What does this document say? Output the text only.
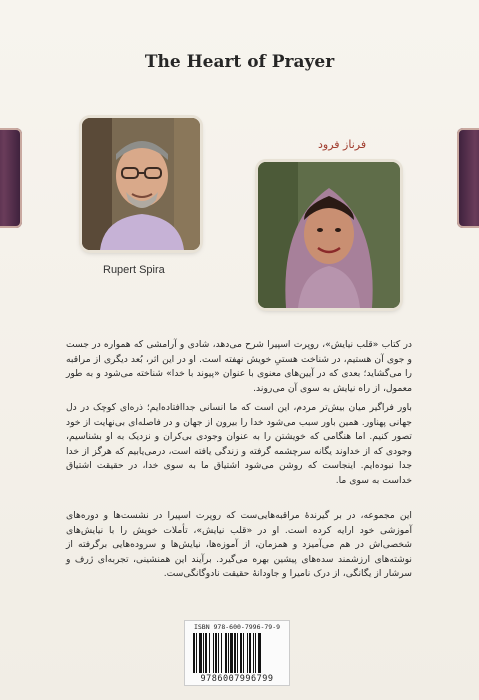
The Heart of Prayer
Rupert Spira
فرناز فرود
در کتاب «قلب نیایش»، روپرت اسپیرا شرح می‌دهد، شادی و آرامشی که همواره در جست و جوی آن هستیم، در شناخت هستیِ خویش نهفته است. او در این اثر، بُعد دیگری از مراقبه را می‌گشاید؛ بعدی که در آیین‌های معنوی با عنوان «پیوند با خدا» شناخته می‌شود و به طور معمول، از راه نیایش به سوی آن می‌روند.
باور فراگیر میان بیش‌تر مردم، این است که ما انسانی جداافتاده‌ایم؛ ذره‌ای کوچک در دل جهانی پهناور. همین باور سبب می‌شود خدا را بیرون از جهان و در فاصله‌ای بی‌نهایت از خود تصور کنیم. اما هنگامی که خویشتن را به عنوان وجودی بی‌کران و نزدیک به او بشناسیم، وجودی که از خداوند یگانه سرچشمه گرفته و زندگی یافته است، درمی‌یابیم که هرگز از خدا جدا نبوده‌ایم. اینجاست که روشن می‌شود اشتیاق ما به سوی خدا، در حقیقت اشتیاق خداست به سوی ما.
این مجموعه، در بر گیرندهٔ مراقبه‌هایی‌ست که روپرت اسپیرا در نشست‌ها و دوره‌های آموزشی خود ارایه کرده است. او در «قلب نیایش»، تأملات خویش را با نیایش‌های شخصی‌اش در هم می‌آمیزد و همزمان، از آموزه‌ها، نیایش‌ها و سروده‌هایی برگرفته از نوشته‌های ارزشمند سده‌های پیشین بهره می‌گیرد. برآیند این همنشینی، تجربه‌ای ژرف و سرشار از یگانگی، از درک نامیرا و جاودانهٔ حقیقت نادوگانگی‌ست.
ISBN 978-600-7996-79-9
9786007996799
